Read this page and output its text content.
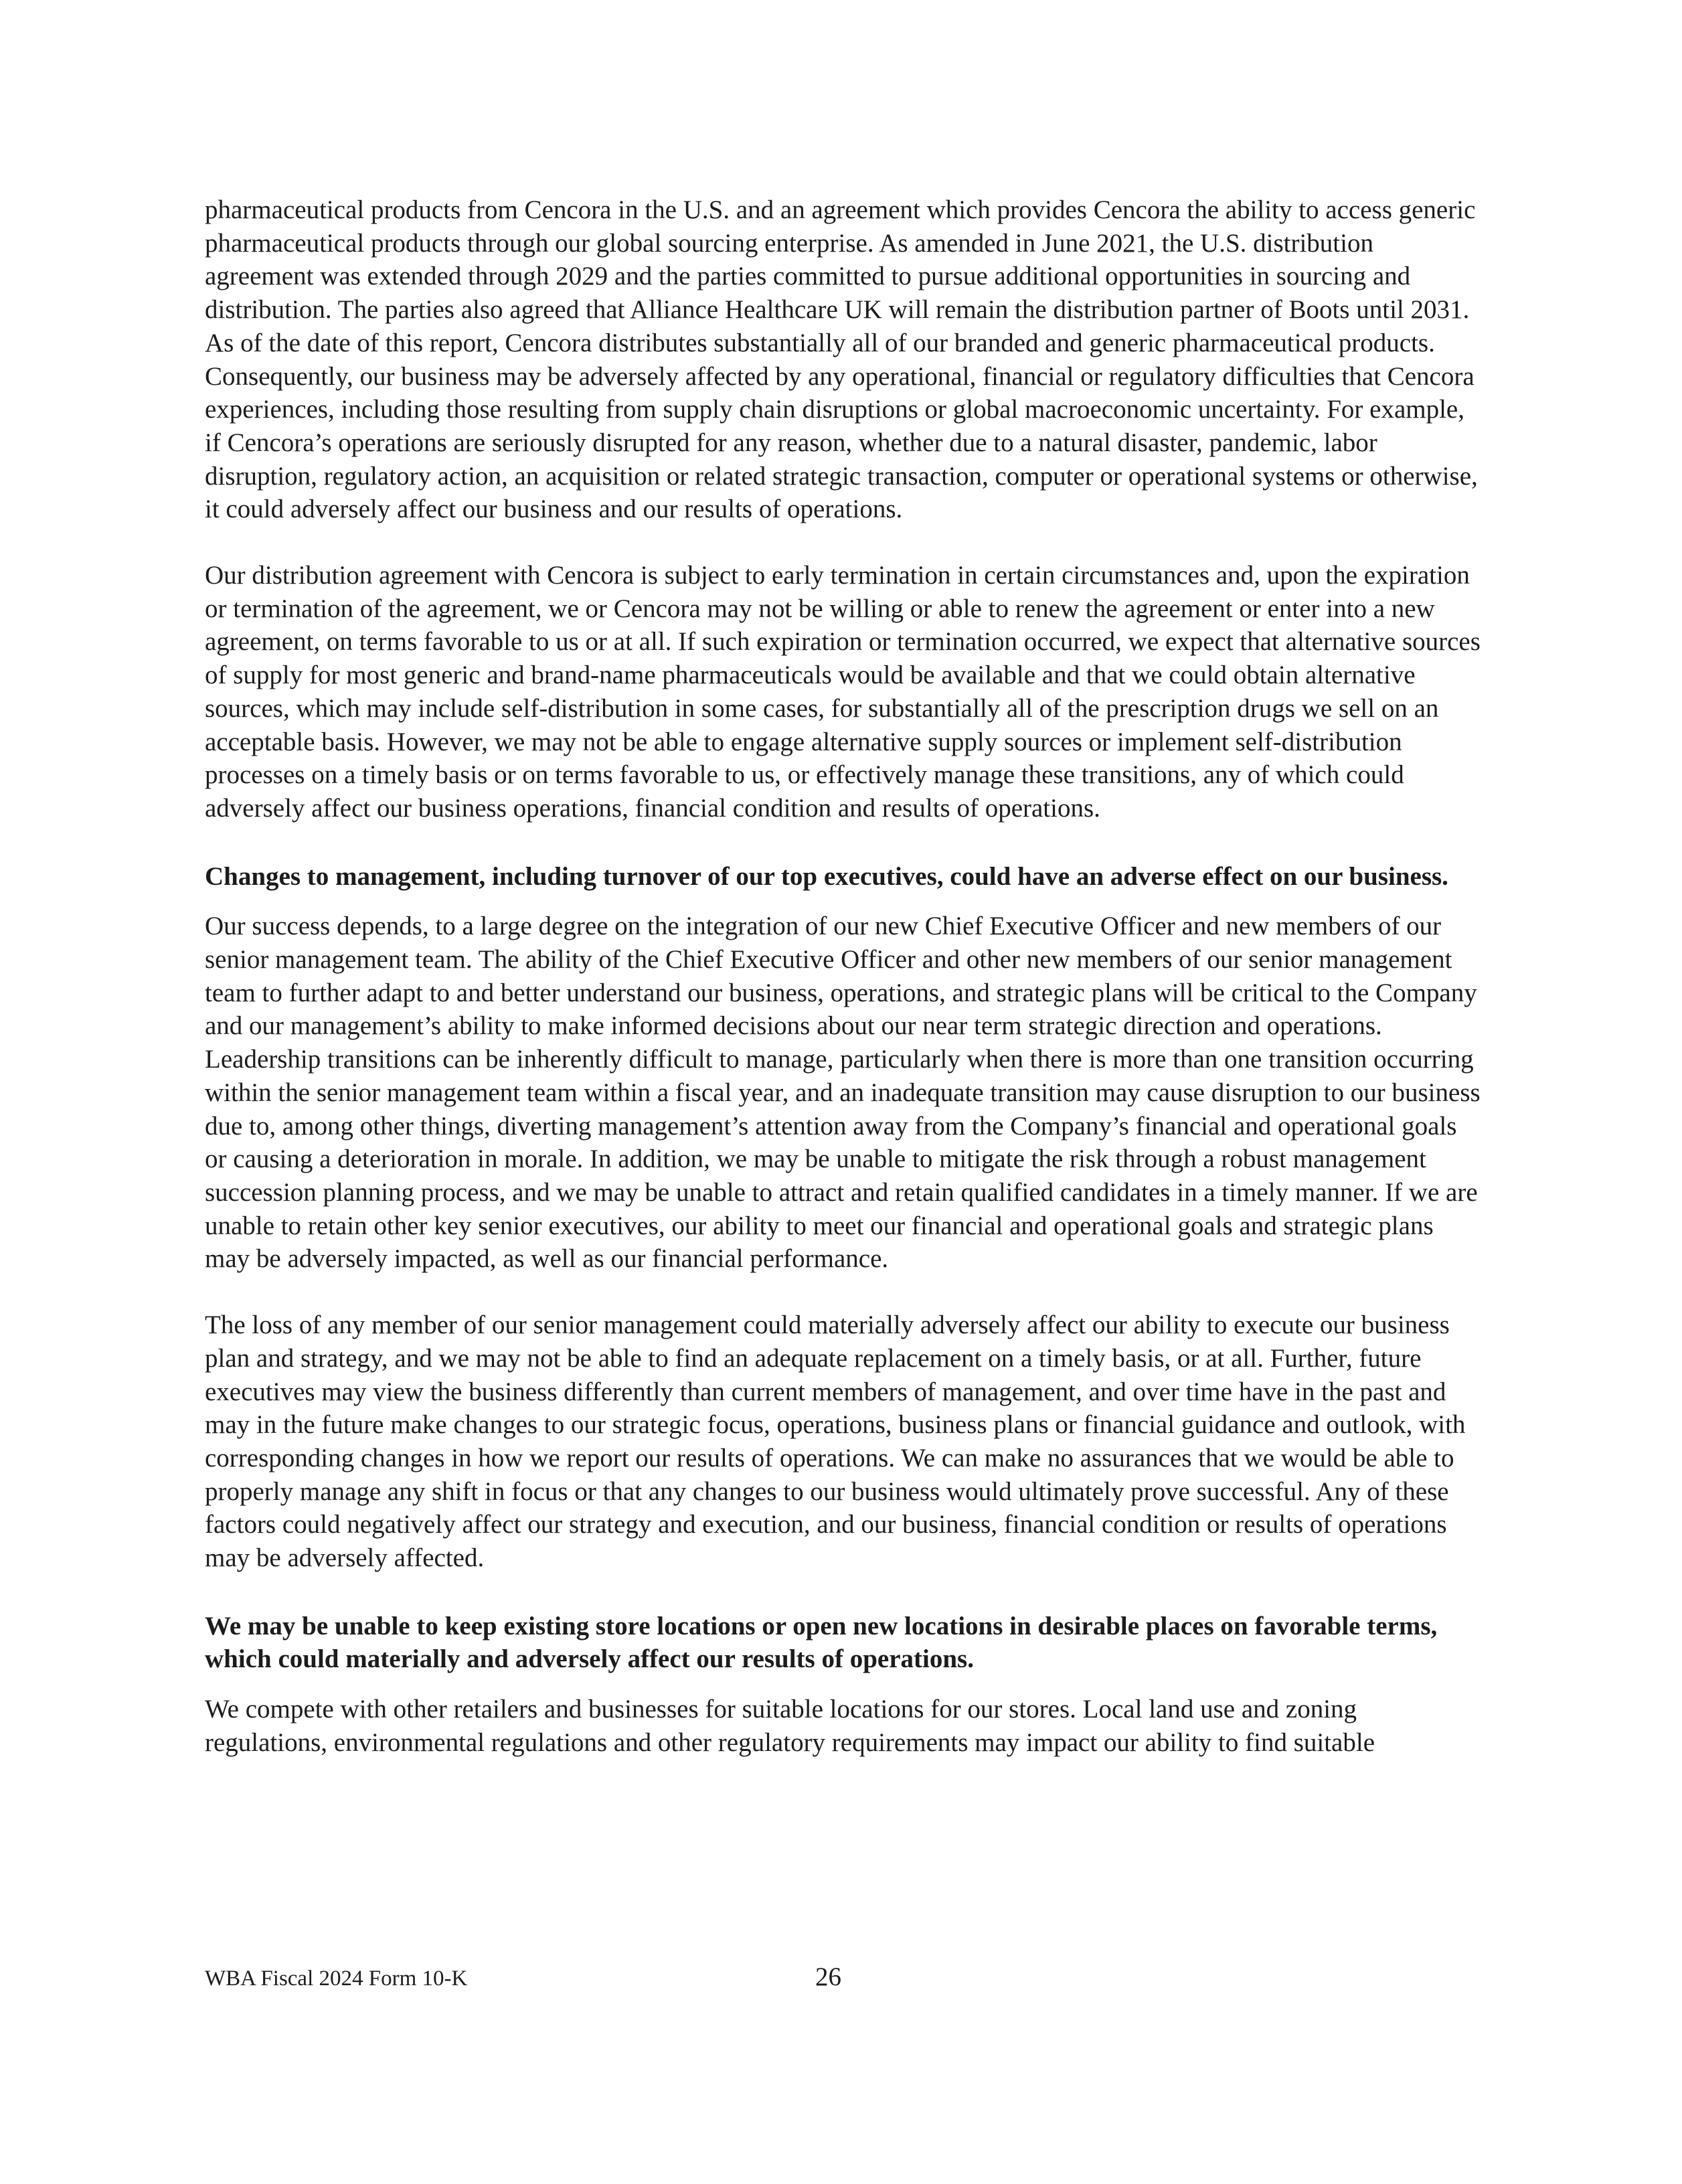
pharmaceutical products from Cencora in the U.S. and an agreement which provides Cencora the ability to access generic pharmaceutical products through our global sourcing enterprise. As amended in June 2021, the U.S. distribution agreement was extended through 2029 and the parties committed to pursue additional opportunities in sourcing and distribution. The parties also agreed that Alliance Healthcare UK will remain the distribution partner of Boots until 2031. As of the date of this report, Cencora distributes substantially all of our branded and generic pharmaceutical products. Consequently, our business may be adversely affected by any operational, financial or regulatory difficulties that Cencora experiences, including those resulting from supply chain disruptions or global macroeconomic uncertainty. For example, if Cencora’s operations are seriously disrupted for any reason, whether due to a natural disaster, pandemic, labor disruption, regulatory action, an acquisition or related strategic transaction, computer or operational systems or otherwise, it could adversely affect our business and our results of operations.

Our distribution agreement with Cencora is subject to early termination in certain circumstances and, upon the expiration or termination of the agreement, we or Cencora may not be willing or able to renew the agreement or enter into a new agreement, on terms favorable to us or at all. If such expiration or termination occurred, we expect that alternative sources of supply for most generic and brand-name pharmaceuticals would be available and that we could obtain alternative sources, which may include self-distribution in some cases, for substantially all of the prescription drugs we sell on an acceptable basis. However, we may not be able to engage alternative supply sources or implement self-distribution processes on a timely basis or on terms favorable to us, or effectively manage these transitions, any of which could adversely affect our business operations, financial condition and results of operations.

Changes to management, including turnover of our top executives, could have an adverse effect on our business.

Our success depends, to a large degree on the integration of our new Chief Executive Officer and new members of our senior management team. The ability of the Chief Executive Officer and other new members of our senior management team to further adapt to and better understand our business, operations, and strategic plans will be critical to the Company and our management’s ability to make informed decisions about our near term strategic direction and operations. Leadership transitions can be inherently difficult to manage, particularly when there is more than one transition occurring within the senior management team within a fiscal year, and an inadequate transition may cause disruption to our business due to, among other things, diverting management’s attention away from the Company’s financial and operational goals or causing a deterioration in morale. In addition, we may be unable to mitigate the risk through a robust management succession planning process, and we may be unable to attract and retain qualified candidates in a timely manner. If we are unable to retain other key senior executives, our ability to meet our financial and operational goals and strategic plans may be adversely impacted, as well as our financial performance.

The loss of any member of our senior management could materially adversely affect our ability to execute our business plan and strategy, and we may not be able to find an adequate replacement on a timely basis, or at all. Further, future executives may view the business differently than current members of management, and over time have in the past and may in the future make changes to our strategic focus, operations, business plans or financial guidance and outlook, with corresponding changes in how we report our results of operations. We can make no assurances that we would be able to properly manage any shift in focus or that any changes to our business would ultimately prove successful. Any of these factors could negatively affect our strategy and execution, and our business, financial condition or results of operations may be adversely affected.

We may be unable to keep existing store locations or open new locations in desirable places on favorable terms, which could materially and adversely affect our results of operations.

We compete with other retailers and businesses for suitable locations for our stores. Local land use and zoning regulations, environmental regulations and other regulatory requirements may impact our ability to find suitable

WBA Fiscal 2024 Form 10-K	26
